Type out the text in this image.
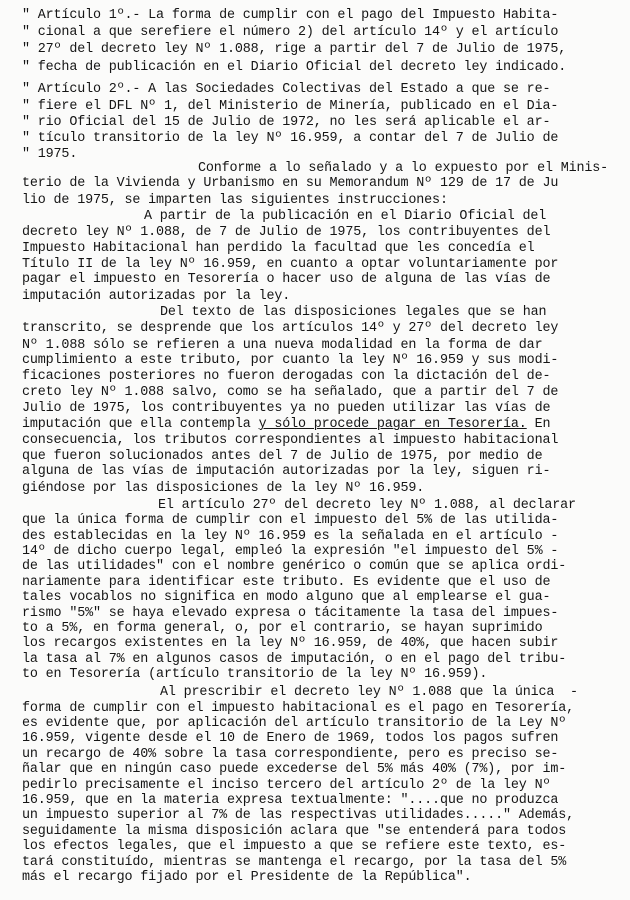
" Artículo 1º.- La forma de cumplir con el pago del Impuesto Habita-
" cional a que serefiere el número 2) del artículo 14º y el artículo
" 27º del decreto ley Nº 1.088, rige a partir del 7 de Julio de 1975,
" fecha de publicación en el Diario Oficial del decreto ley indicado.
" Artículo 2º.- A las Sociedades Colectivas del Estado a que se re-
" fiere el DFL Nº 1, del Ministerio de Minería, publicado en el Dia-
" rio Oficial del 15 de Julio de 1972, no les será aplicable el ar-
" tículo transitorio de la ley Nº 16.959, a contar del 7 de Julio de
" 1975.
Conforme a lo señalado y a lo expuesto por el Minis-
terio de la Vivienda y Urbanismo en su Memorandum Nº 129 de 17 de Ju
lio de 1975, se imparten las siguientes instrucciones:
A partir de la publicación en el Diario Oficial del
decreto ley Nº 1.088, de 7 de Julio de 1975, los contribuyentes del
Impuesto Habitacional han perdido la facultad que les concedía el
Título II de la ley Nº 16.959, en cuanto a optar voluntariamente por
pagar el impuesto en Tesorería o hacer uso de alguna de las vías de
imputación autorizadas por la ley.
Del texto de las disposiciones legales que se han
transcrito, se desprende que los artículos 14º y 27º del decreto ley
Nº 1.088 sólo se refieren a una nueva modalidad en la forma de dar
cumplimiento a este tributo, por cuanto la ley Nº 16.959 y sus modi-
ficaciones posteriores no fueron derogadas con la dictación del de-
creto ley Nº 1.088 salvo, como se ha señalado, que a partir del 7 de
Julio de 1975, los contribuyentes ya no pueden utilizar las vías de
imputación que ella contempla y sólo procede pagar en Tesorería. En
consecuencia, los tributos correspondientes al impuesto habitacional
que fueron solucionados antes del 7 de Julio de 1975, por medio de
alguna de las vías de imputación autorizadas por la ley, siguen ri-
giéndose por las disposiciones de la ley Nº 16.959.
El artículo 27º del decreto ley Nº 1.088, al declarar
que la única forma de cumplir con el impuesto del 5% de las utilida-
des establecidas en la ley Nº 16.959 es la señalada en el artículo -
14º de dicho cuerpo legal, empleó la expresión "el impuesto del 5% -
de las utilidades" con el nombre genérico o común que se aplica ordi-
nariamente para identificar este tributo. Es evidente que el uso de
tales vocablos no significa en modo alguno que al emplearse el gua-
rismo "5%" se haya elevado expresa o tácitamente la tasa del impues-
to a 5%, en forma general, o, por el contrario, se hayan suprimido
los recargos existentes en la ley Nº 16.959, de 40%, que hacen subir
la tasa al 7% en algunos casos de imputación, o en el pago del tribu-
to en Tesorería (artículo transitorio de la ley Nº 16.959).
Al prescribir el decreto ley Nº 1.088 que la única  -
forma de cumplir con el impuesto habitacional es el pago en Tesorería,
es evidente que, por aplicación del artículo transitorio de la Ley Nº
16.959, vigente desde el 10 de Enero de 1969, todos los pagos sufren
un recargo de 40% sobre la tasa correspondiente, pero es preciso se-
ñalar que en ningún caso puede excederse del 5% más 40% (7%), por im-
pedirlo precisamente el inciso tercero del artículo 2º de la ley Nº
16.959, que en la materia expresa textualmente: "....que no produzca
un impuesto superior al 7% de las respectivas utilidades....." Además,
seguidamente la misma disposición aclara que "se entenderá para todos
los efectos legales, que el impuesto a que se refiere este texto, es-
tará constituído, mientras se mantenga el recargo, por la tasa del 5%
más el recargo fijado por el Presidente de la República".
